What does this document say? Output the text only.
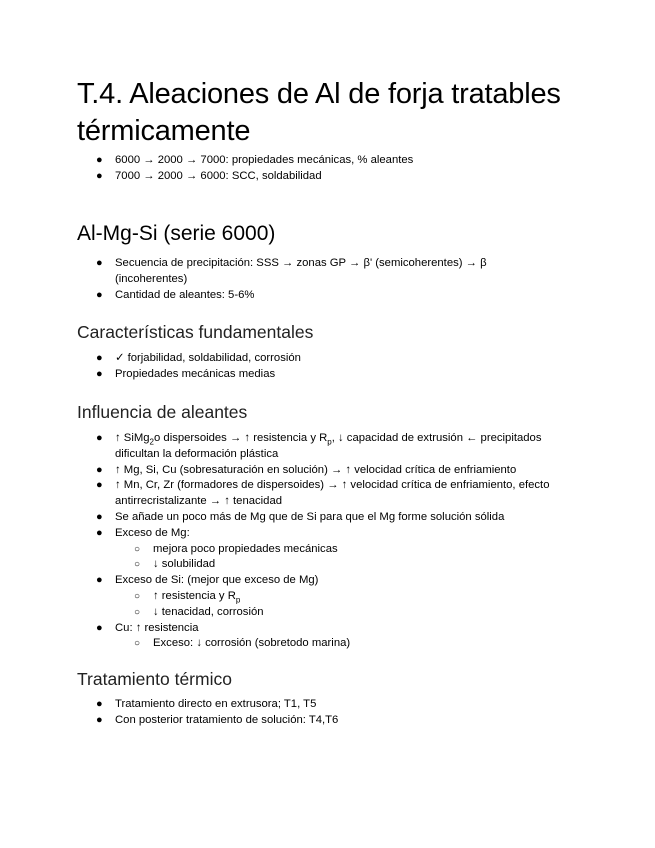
T.4. Aleaciones de Al de forja tratables térmicamente
● 6000 → 2000 → 7000: propiedades mecánicas, % aleantes
● 7000 → 2000 → 6000: SCC, soldabilidad
Al-Mg-Si (serie 6000)
● Secuencia de precipitación: SSS → zonas GP → β' (semicoherentes) → β (incoherentes)
● Cantidad de aleantes: 5-6%
Características fundamentales
● ✓ forjabilidad, soldabilidad, corrosión
● Propiedades mecánicas medias
Influencia de aleantes
● ↑ SiMg$_2$o dispersoides → ↑ resistencia y $R_p$, ↓ capacidad de extrusión ← precipitados dificultan la deformación plástica
● ↑ Mg, Si, Cu (sobresaturación en solución) → ↑ velocidad crítica de enfriamiento
● ↑ Mn, Cr, Zr (formadores de dispersoides) → ↑ velocidad crítica de enfriamiento, efecto antirrecristalizante → ↑ tenacidad
● Se añade un poco más de Mg que de Si para que el Mg forme solución sólida
● Exceso de Mg:
○ mejora poco propiedades mecánicas
○ ↓ solubilidad
● Exceso de Si: (mejor que exceso de Mg)
○ ↑ resistencia y $R_p$
○ ↓ tenacidad, corrosión
● Cu: ↑ resistencia
○ Exceso: ↓ corrosión (sobretodo marina)
Tratamiento térmico
● Tratamiento directo en extrusora; T1, T5
● Con posterior tratamiento de solución: T4,T6
